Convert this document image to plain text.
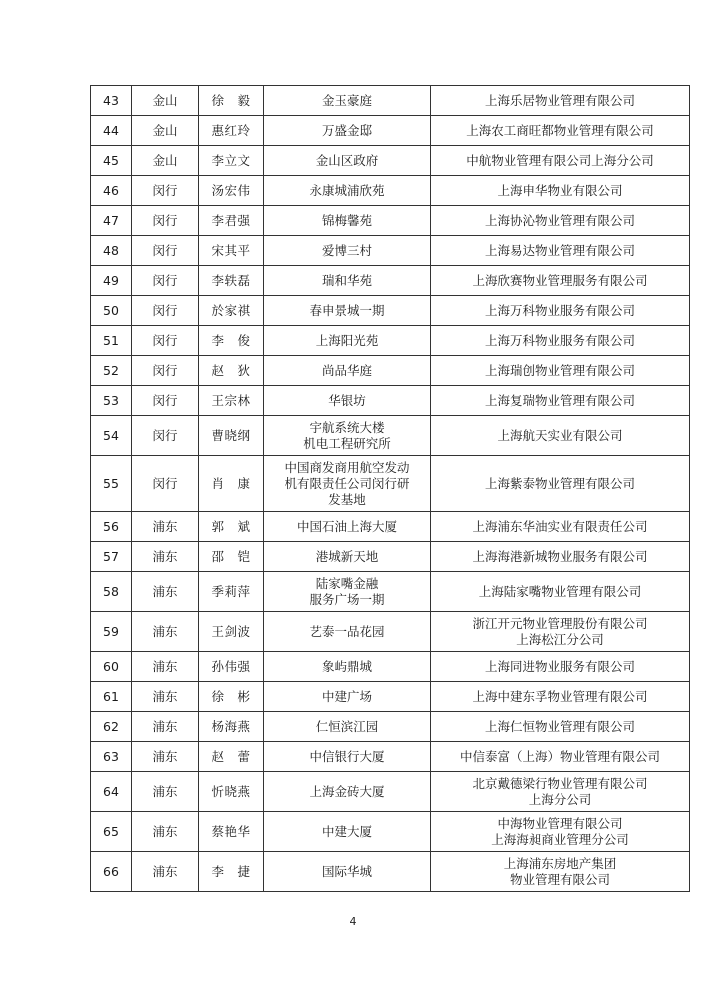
43	金山	徐　毅	金玉豪庭	上海乐居物业管理有限公司

44	金山	惠红玲	万盛金邸	上海农工商旺都物业管理有限公司

45	金山	李立文	金山区政府	中航物业管理有限公司上海分公司

46	闵行	汤宏伟	永康城浦欣苑	上海申华物业有限公司

47	闵行	李君强	锦梅馨苑	上海协沁物业管理有限公司

48	闵行	宋其平	爱博三村	上海易达物业管理有限公司

49	闵行	李轶磊	瑞和华苑	上海欣赛物业管理服务有限公司

50	闵行	於家祺	春申景城一期	上海万科物业服务有限公司

51	闵行	李　俊	上海阳光苑	上海万科物业服务有限公司

52	闵行	赵　狄	尚品华庭	上海瑞创物业管理有限公司

53	闵行	王宗林	华银坊	上海复瑞物业管理有限公司

54	闵行	曹晓纲	宇航系统大楼
机电工程研究所	上海航天实业有限公司

55	闵行	肖　康	中国商发商用航空发动
机有限责任公司闵行研
发基地	上海紫泰物业管理有限公司

56	浦东	郭　斌	中国石油上海大厦	上海浦东华油实业有限责任公司

57	浦东	邵　铠	港城新天地	上海海港新城物业服务有限公司

58	浦东	季莉萍	陆家嘴金融
服务广场一期	上海陆家嘴物业管理有限公司

59	浦东	王剑波	艺泰一品花园	浙江开元物业管理股份有限公司
上海松江分公司

60	浦东	孙伟强	象屿鼎城	上海同进物业服务有限公司

61	浦东	徐　彬	中建广场	上海中建东孚物业管理有限公司

62	浦东	杨海燕	仁恒滨江园	上海仁恒物业管理有限公司

63	浦东	赵　蕾	中信银行大厦	中信泰富（上海）物业管理有限公司

64	浦东	忻晓燕	上海金砖大厦	北京戴德梁行物业管理有限公司
上海分公司

65	浦东	蔡艳华	中建大厦	中海物业管理有限公司
上海海昶商业管理分公司

66	浦东	李　捷	国际华城	上海浦东房地产集团
物业管理有限公司
4
